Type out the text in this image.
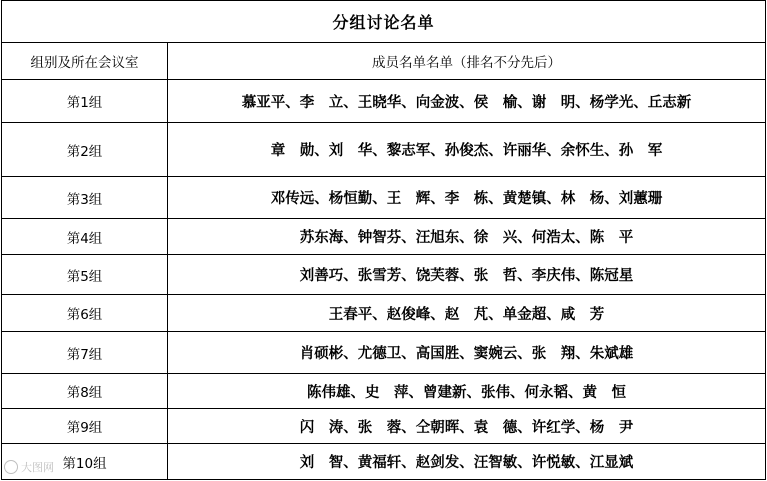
分组讨论名单	
组别及所在会议室	成员名单名单（排名不分先后）
第1组	慕亚平、李　立、王晓华、向金波、侯　榆、谢　明、杨学光、丘志新
第2组	章　勋、刘　华、黎志军、孙俊杰、许丽华、余怀生、孙　军
第3组	邓传远、杨恒勤、王　辉、李　栋、黄楚镇、林　杨、刘蕙珊
第4组	苏东海、钟智芬、汪旭东、徐　兴、何浩太、陈　平
第5组	刘善巧、张雪芳、饶芙蓉、张　哲、李庆伟、陈冠星
第6组	王春平、赵俊峰、赵　芃、单金超、咸　芳
第7组	肖硕彬、尤德卫、高国胜、窦婉云、张　翔、朱斌雄
第8组	陈伟雄、史　萍、曾建新、张伟、何永韬、黄　恒
第9组	闪　涛、张　蓉、仝朝晖、袁　德、许红学、杨　尹
第10组	刘　智、黄福轩、赵剑发、汪智敏、许悦敏、江显斌
大图网
